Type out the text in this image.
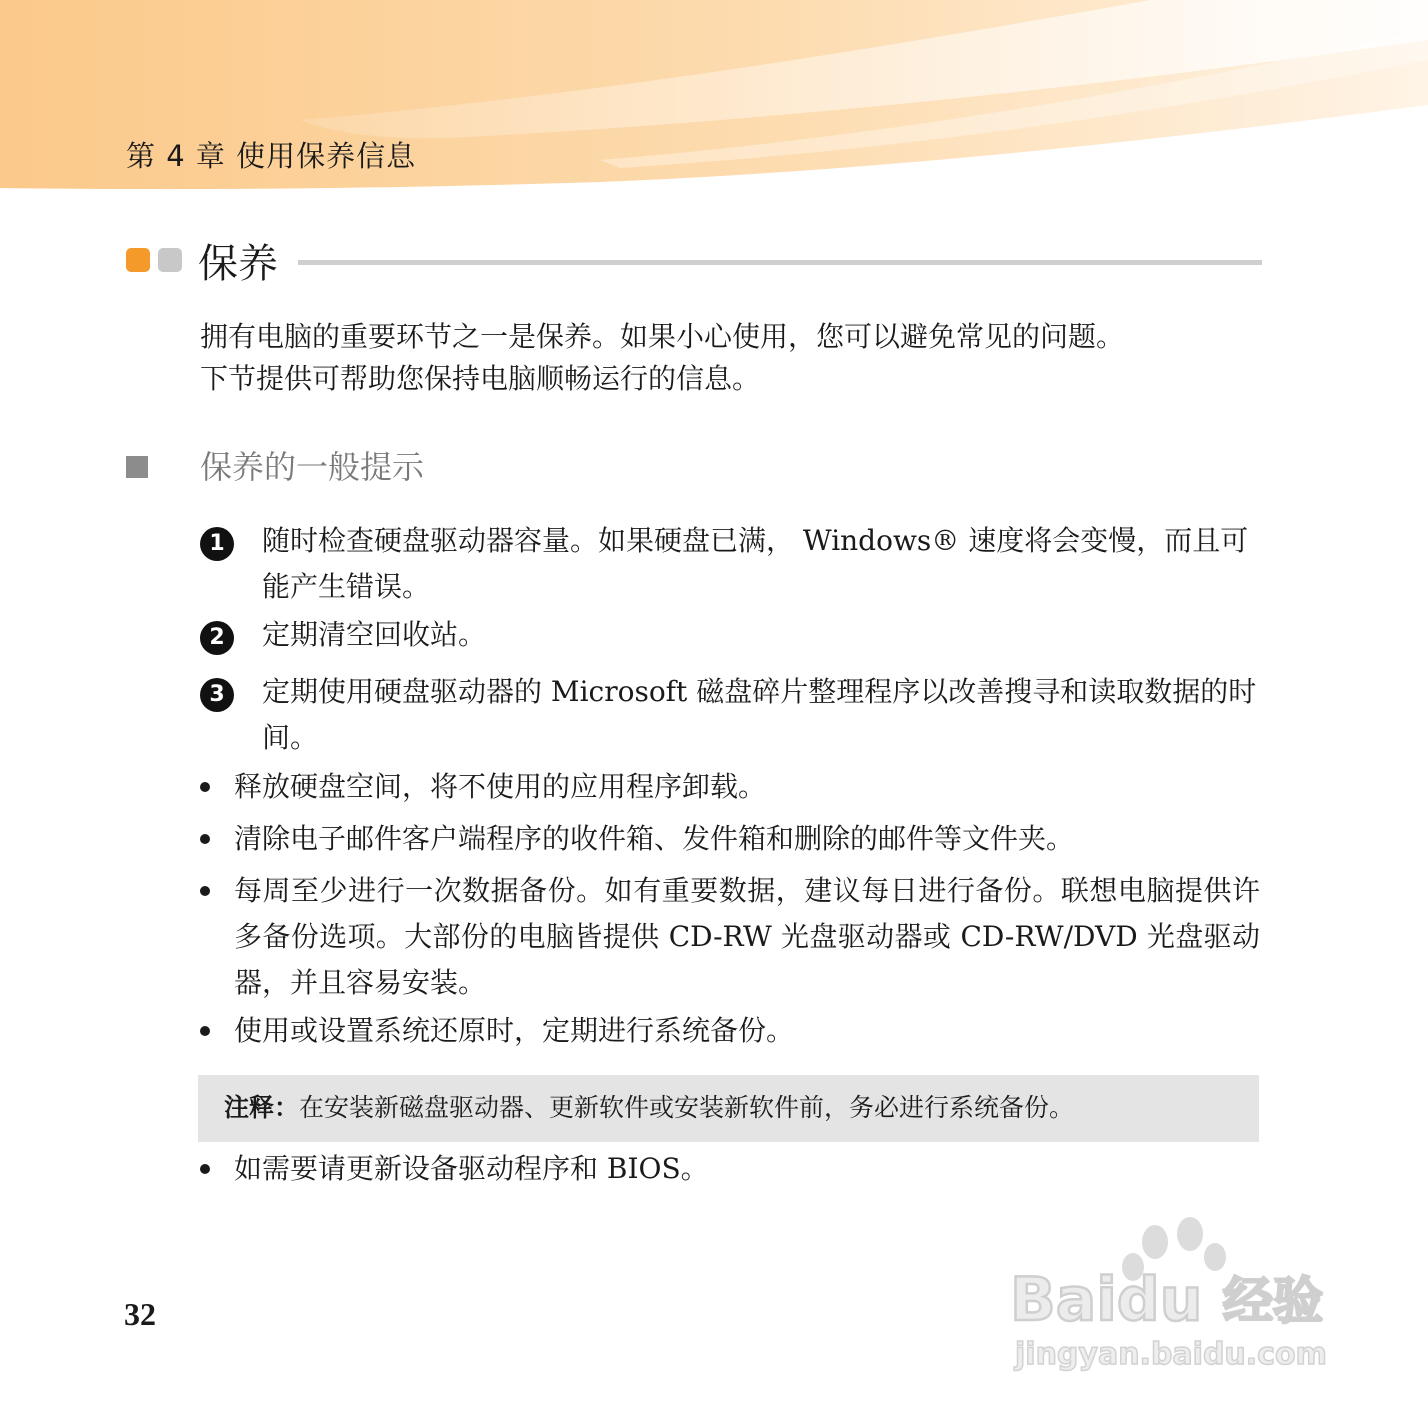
第 4 章 使用保养信息
保养
拥有电脑的重要环节之一是保养。如果小心使用，您可以避免常见的问题。
下节提供可帮助您保持电脑顺畅运行的信息。
保养的一般提示
1	随时检查硬盘驱动器容量。如果硬盘已满， Windows® 速度将会变慢，而且可能产生错误。
2	定期清空回收站。
3	定期使用硬盘驱动器的 Microsoft 磁盘碎片整理程序以改善搜寻和读取数据的时间。
释放硬盘空间，将不使用的应用程序卸载。
清除电子邮件客户端程序的收件箱、发件箱和删除的邮件等文件夹。
每周至少进行一次数据备份。如有重要数据，建议每日进行备份。联想电脑提供许多备份选项。大部份的电脑皆提供 CD-RW 光盘驱动器或 CD-RW/DVD 光盘驱动器，并且容易安装。
使用或设置系统还原时，定期进行系统备份。
注释：在安装新磁盘驱动器、更新软件或安装新软件前，务必进行系统备份。
如需要请更新设备驱动程序和 BIOS。
32	Baidu 经验
jingyan.baidu.com
